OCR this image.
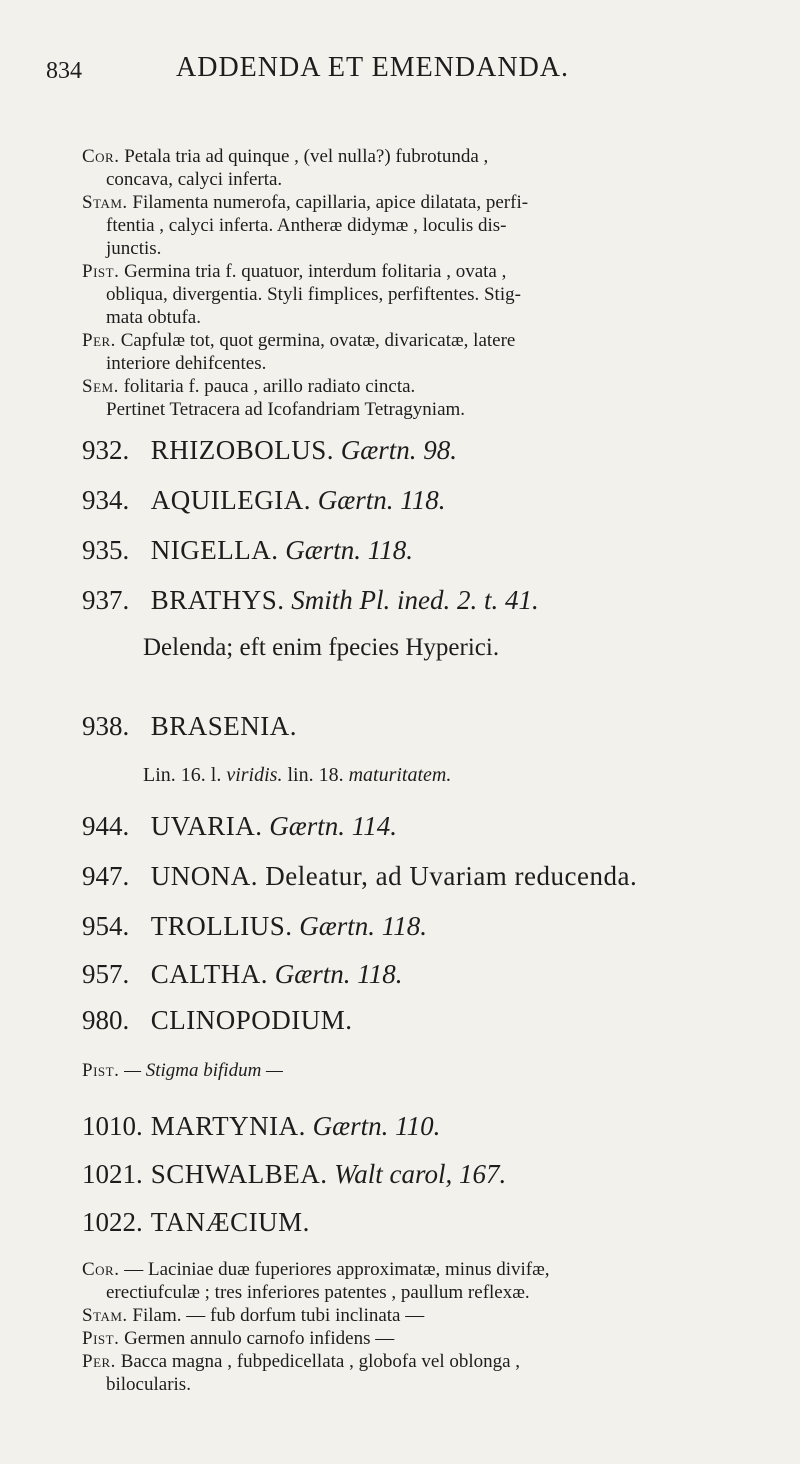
834	ADDENDA ET EMENDANDA.
Cor. Petala tria ad quinque , (vel nulla?) fubrotunda ,
concava, calyci inferta.
Stam. Filamenta numerofa, capillaria, apice dilatata, perfi-
ftentia , calyci inferta. Antheræ didymæ , loculis dis-
junctis.
Pist. Germina tria f. quatuor, interdum folitaria , ovata ,
obliqua, divergentia. Styli fimplices, perfiftentes. Stig-
mata obtufa.
Per. Capfulæ tot, quot germina, ovatæ, divaricatæ, latere
interiore dehifcentes.
Sem. folitaria f. pauca , arillo radiato cincta.
Pertinet Tetracera ad Icofandriam Tetragyniam.
932. RHIZOBOLUS. Gærtn. 98.
934. AQUILEGIA. Gærtn. 118.
935. NIGELLA. Gærtn. 118.
937. BRATHYS. Smith Pl. ined. 2. t. 41.
Delenda; eft enim fpecies Hyperici.
938. BRASENIA.
Lin. 16. l. viridis. lin. 18. maturitatem.
944. UVARIA. Gærtn. 114.
947. UNONA. Deleatur, ad Uvariam reducenda.
954. TROLLIUS. Gærtn. 118.
957. CALTHA. Gærtn. 118.
980. CLINOPODIUM.
Pist. — Stigma bifidum —
1010. MARTYNIA. Gærtn. 110.
1021. SCHWALBEA. Walt carol, 167.
1022. TANÆCIUM.
Cor. — Laciniae duæ fuperiores approximatæ, minus divifæ,
erectiufculæ ; tres inferiores patentes , paullum reflexæ.
Stam. Filam. — fub dorfum tubi inclinata —
Pist. Germen annulo carnofo infidens —
Per. Bacca magna , fubpedicellata , globofa vel oblonga ,
bilocularis.
